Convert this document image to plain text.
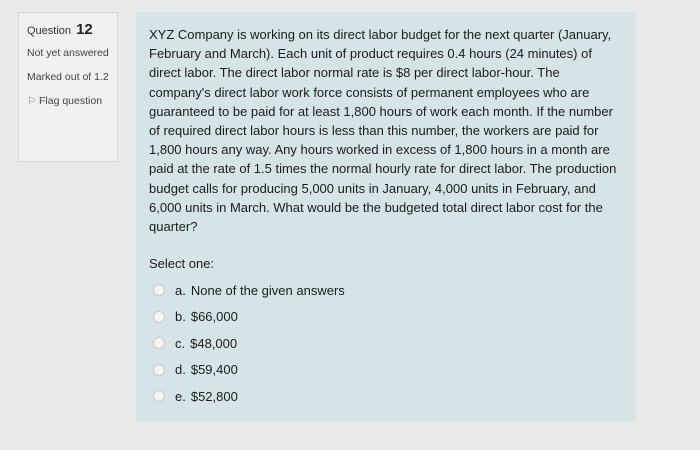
Question 12
Not yet answered
Marked out of 1.2
⚐ Flag question

XYZ Company is working on its direct labor budget for the next quarter (January, February and March). Each unit of product requires 0.4 hours (24 minutes) of direct labor. The direct labor normal rate is $8 per direct labor-hour. The company's direct labor work force consists of permanent employees who are guaranteed to be paid for at least 1,800 hours of work each month. If the number of required direct labor hours is less than this number, the workers are paid for 1,800 hours any way. Any hours worked in excess of 1,800 hours in a month are paid at the rate of 1.5 times the normal hourly rate for direct labor. The production budget calls for producing 5,000 units in January, 4,000 units in February, and 6,000 units in March. What would be the budgeted total direct labor cost for the quarter?

Select one:
a. None of the given answers
b. $66,000
c. $48,000
d. $59,400
e. $52,800
